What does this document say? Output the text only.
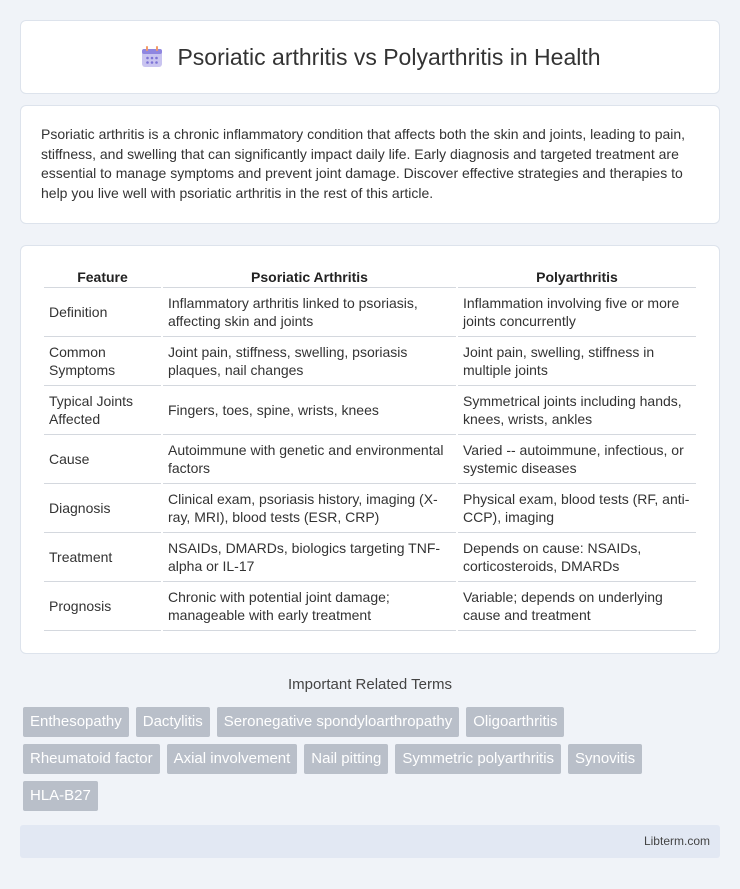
Psoriatic arthritis vs Polyarthritis in Health

Psoriatic arthritis is a chronic inflammatory condition that affects both the skin and joints, leading to pain, stiffness, and swelling that can significantly impact daily life. Early diagnosis and targeted treatment are essential to manage symptoms and prevent joint damage. Discover effective strategies and therapies to help you live well with psoriatic arthritis in the rest of this article.

Feature	Psoriatic Arthritis	Polyarthritis
Definition	Inflammatory arthritis linked to psoriasis, affecting skin and joints	Inflammation involving five or more joints concurrently
Common Symptoms	Joint pain, stiffness, swelling, psoriasis plaques, nail changes	Joint pain, swelling, stiffness in multiple joints
Typical Joints Affected	Fingers, toes, spine, wrists, knees	Symmetrical joints including hands, knees, wrists, ankles
Cause	Autoimmune with genetic and environmental factors	Varied -- autoimmune, infectious, or systemic diseases
Diagnosis	Clinical exam, psoriasis history, imaging (X-ray, MRI), blood tests (ESR, CRP)	Physical exam, blood tests (RF, anti-CCP), imaging
Treatment	NSAIDs, DMARDs, biologics targeting TNF-alpha or IL-17	Depends on cause: NSAIDs, corticosteroids, DMARDs
Prognosis	Chronic with potential joint damage; manageable with early treatment	Variable; depends on underlying cause and treatment
Important Related Terms
Enthesopathy	Dactylitis	Seronegative spondyloarthropathy	Oligoarthritis
Rheumatoid factor	Axial involvement	Nail pitting	Symmetric polyarthritis	Synovitis
HLA-B27
Libterm.com
